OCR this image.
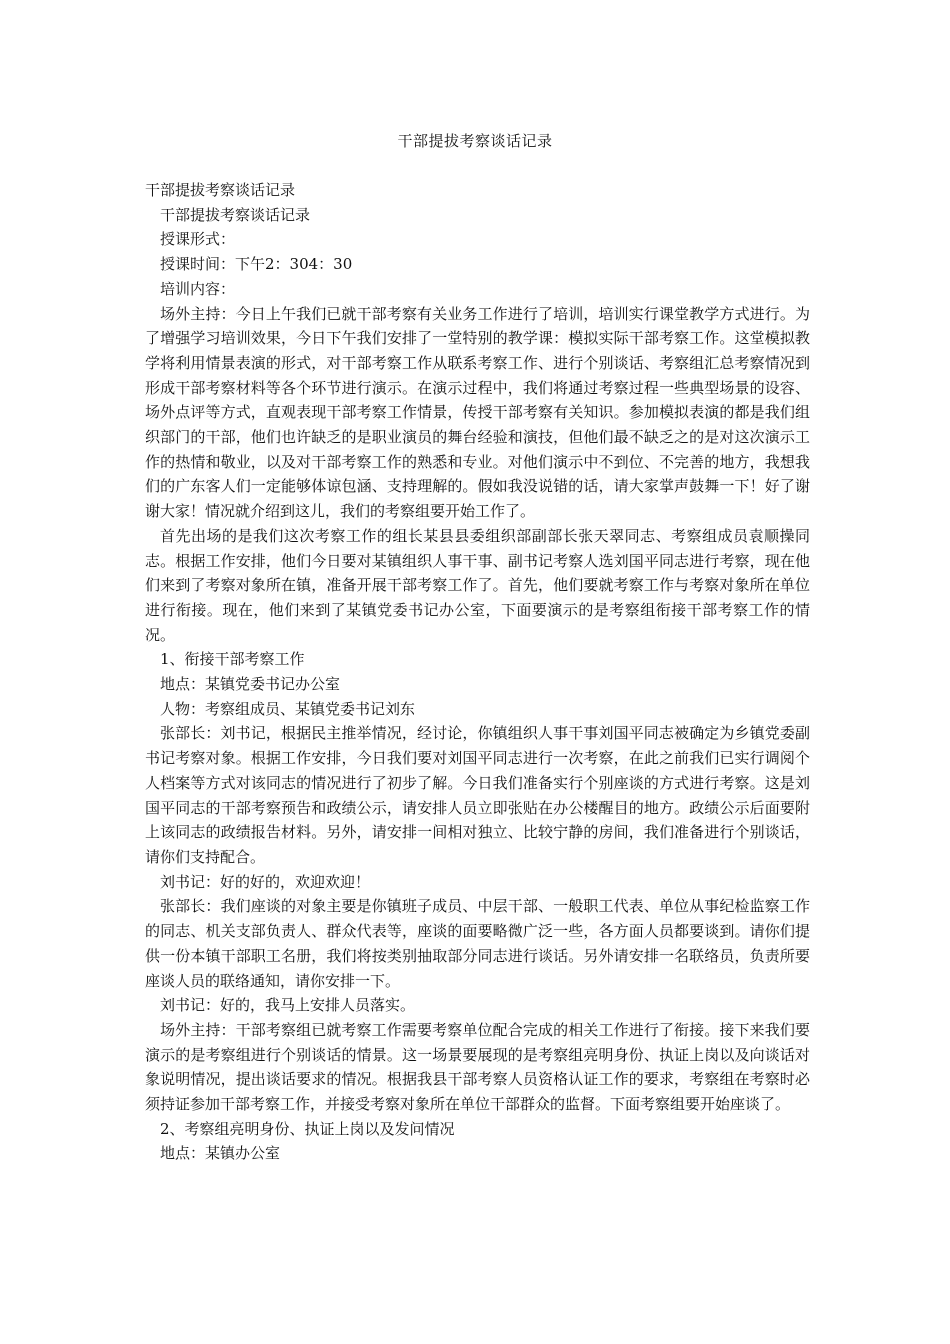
干部提拔考察谈话记录

干部提拔考察谈话记录

干部提拔考察谈话记录

授课形式：

授课时间：下午2：304：30

培训内容：

场外主持：今日上午我们已就干部考察有关业务工作进行了培训，培训实行课堂教学方式进行。为了增强学习培训效果，今日下午我们安排了一堂特别的教学课：模拟实际干部考察工作。这堂模拟教学将利用情景表演的形式，对干部考察工作从联系考察工作、进行个别谈话、考察组汇总考察情况到形成干部考察材料等各个环节进行演示。在演示过程中，我们将通过考察过程一些典型场景的设容、场外点评等方式，直观表现干部考察工作情景，传授干部考察有关知识。参加模拟表演的都是我们组织部门的干部，他们也许缺乏的是职业演员的舞台经验和演技，但他们最不缺乏之的是对这次演示工作的热情和敬业，以及对干部考察工作的熟悉和专业。对他们演示中不到位、不完善的地方，我想我们的广东客人们一定能够体谅包涵、支持理解的。假如我没说错的话，请大家掌声鼓舞一下！好了谢谢大家！情况就介绍到这儿，我们的考察组要开始工作了。

首先出场的是我们这次考察工作的组长某县县委组织部副部长张天翠同志、考察组成员袁顺操同志。根据工作安排，他们今日要对某镇组织人事干事、副书记考察人选刘国平同志进行考察，现在他们来到了考察对象所在镇，准备开展干部考察工作了。首先，他们要就考察工作与考察对象所在单位进行衔接。现在，他们来到了某镇党委书记办公室，下面要演示的是考察组衔接干部考察工作的情况。

1、衔接干部考察工作

地点：某镇党委书记办公室

人物：考察组成员、某镇党委书记刘东

张部长：刘书记，根据民主推举情况，经讨论，你镇组织人事干事刘国平同志被确定为乡镇党委副书记考察对象。根据工作安排，今日我们要对刘国平同志进行一次考察，在此之前我们已实行调阅个人档案等方式对该同志的情况进行了初步了解。今日我们准备实行个别座谈的方式进行考察。这是刘国平同志的干部考察预告和政绩公示，请安排人员立即张贴在办公楼醒目的地方。政绩公示后面要附上该同志的政绩报告材料。另外，请安排一间相对独立、比较宁静的房间，我们准备进行个别谈话，请你们支持配合。

刘书记：好的好的，欢迎欢迎！

张部长：我们座谈的对象主要是你镇班子成员、中层干部、一般职工代表、单位从事纪检监察工作的同志、机关支部负责人、群众代表等，座谈的面要略微广泛一些，各方面人员都要谈到。请你们提供一份本镇干部职工名册，我们将按类别抽取部分同志进行谈话。另外请安排一名联络员，负责所要座谈人员的联络通知，请你安排一下。

刘书记：好的，我马上安排人员落实。

场外主持：干部考察组已就考察工作需要考察单位配合完成的相关工作进行了衔接。接下来我们要演示的是考察组进行个别谈话的情景。这一场景要展现的是考察组亮明身份、执证上岗以及向谈话对象说明情况，提出谈话要求的情况。根据我县干部考察人员资格认证工作的要求，考察组在考察时必须持证参加干部考察工作，并接受考察对象所在单位干部群众的监督。下面考察组要开始座谈了。

2、考察组亮明身份、执证上岗以及发问情况

地点：某镇办公室
